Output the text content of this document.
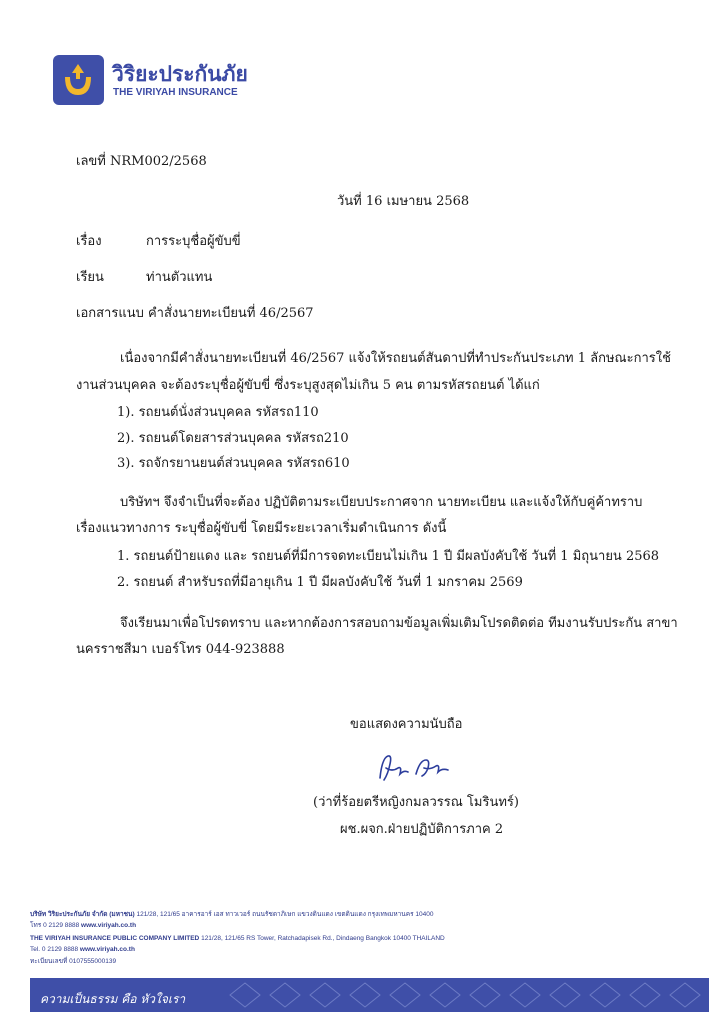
วิริยะประกันภัย
THE VIRIYAH INSURANCE
เลขที่ NRM002/2568
วันที่ 16 เมษายน 2568
เรื่อง	การระบุชื่อผู้ขับขี่
เรียน	ท่านตัวแทน
เอกสารแนบ คำสั่งนายทะเบียนที่ 46/2567
เนื่องจากมีคำสั่งนายทะเบียนที่ 46/2567 แจ้งให้รถยนต์สันดาปที่ทำประกันประเภท 1 ลักษณะการใช้
งานส่วนบุคคล จะต้องระบุชื่อผู้ขับขี่ ซึ่งระบุสูงสุดไม่เกิน 5 คน ตามรหัสรถยนต์ ได้แก่
1). รถยนต์นั่งส่วนบุคคล รหัสรถ110
2). รถยนต์โดยสารส่วนบุคคล รหัสรถ210
3). รถจักรยานยนต์ส่วนบุคคล รหัสรถ610
บริษัทฯ จึงจำเป็นที่จะต้อง ปฏิบัติตามระเบียบประกาศจาก นายทะเบียน และแจ้งให้กับคู่ค้าทราบ
เรื่องแนวทางการ ระบุชื่อผู้ขับขี่ โดยมีระยะเวลาเริ่มดำเนินการ ดังนี้
1. รถยนต์ป้ายแดง และ รถยนต์ที่มีการจดทะเบียนไม่เกิน 1 ปี มีผลบังคับใช้ วันที่ 1 มิถุนายน 2568
2. รถยนต์ สำหรับรถที่มีอายุเกิน 1 ปี มีผลบังคับใช้ วันที่ 1 มกราคม 2569
จึงเรียนมาเพื่อโปรดทราบ และหากต้องการสอบถามข้อมูลเพิ่มเติมโปรดติดต่อ ทีมงานรับประกัน สาขา
นครราชสีมา เบอร์โทร 044-923888
ขอแสดงความนับถือ
(ว่าที่ร้อยตรีหญิงกมลวรรณ โมรินทร์)
ผช.ผจก.ฝ่ายปฏิบัติการภาค 2
บริษัท วิริยะประกันภัย จำกัด (มหาชน) 121/28, 121/65 อาคารอาร์ เอส ทาวเวอร์ ถนนรัชดาภิเษก แขวงดินแดง เขตดินแดง กรุงเทพมหานคร 10400
โทร 0 2129 8888 www.viriyah.co.th
THE VIRIYAH INSURANCE PUBLIC COMPANY LIMITED 121/28, 121/65 RS Tower, Ratchadapisek Rd., Dindaeng Bangkok 10400 THAILAND
Tel. 0 2129 8888 www.viriyah.co.th
ทะเบียนเลขที่ 0107555000139
ความเป็นธรรม คือ หัวใจเรา
